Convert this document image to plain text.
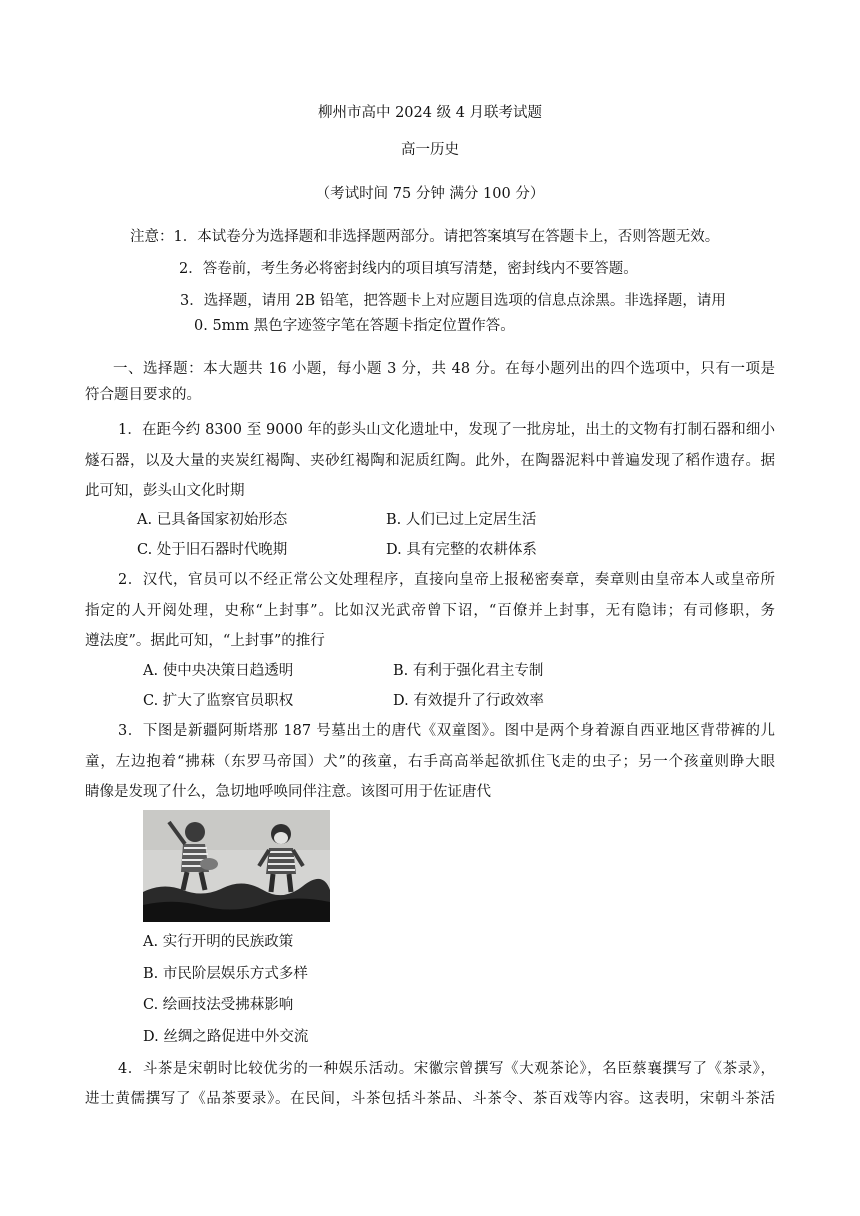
柳州市高中 2024 级 4 月联考试题
高一历史
（考试时间 75 分钟 满分 100 分）
注意：1．本试卷分为选择题和非选择题两部分。请把答案填写在答题卡上，否则答题无效。
2．答卷前，考生务必将密封线内的项目填写清楚，密封线内不要答题。
3．选择题，请用 2B 铅笔，把答题卡上对应题目选项的信息点涂黑。非选择题，请用
0. 5mm 黑色字迹签字笔在答题卡指定位置作答。
一、选择题：本大题共 16 小题，每小题 3 分，共 48 分。在每小题列出的四个选项中，只有一项是
符合题目要求的。
1．在距今约 8300 至 9000 年的彭头山文化遗址中，发现了一批房址，出土的文物有打制石器和细小
燧石器，以及大量的夹炭红褐陶、夹砂红褐陶和泥质红陶。此外，在陶器泥料中普遍发现了稻作遗存。据
此可知，彭头山文化时期
A. 已具备国家初始形态	B. 人们已过上定居生活
C. 处于旧石器时代晚期	D. 具有完整的农耕体系
2．汉代，官员可以不经正常公文处理程序，直接向皇帝上报秘密奏章，奏章则由皇帝本人或皇帝所
指定的人开阅处理，史称“上封事”。比如汉光武帝曾下诏，“百僚并上封事，无有隐讳；有司修职，务
遵法度”。据此可知，“上封事”的推行
A. 使中央决策日趋透明	B. 有利于强化君主专制
C. 扩大了监察官员职权	D. 有效提升了行政效率
3．下图是新疆阿斯塔那 187 号墓出土的唐代《双童图》。图中是两个身着源自西亚地区背带裤的儿
童，左边抱着“拂菻（东罗马帝国）犬”的孩童，右手高高举起欲抓住飞走的虫子；另一个孩童则睁大眼
睛像是发现了什么，急切地呼唤同伴注意。该图可用于佐证唐代
A. 实行开明的民族政策
B. 市民阶层娱乐方式多样
C. 绘画技法受拂菻影响
D. 丝绸之路促进中外交流
4．斗茶是宋朝时比较优劣的一种娱乐活动。宋徽宗曾撰写《大观茶论》，名臣蔡襄撰写了《茶录》，
进士黄儒撰写了《品茶要录》。在民间，斗茶包括斗茶品、斗茶令、茶百戏等内容。这表明，宋朝斗茶活
